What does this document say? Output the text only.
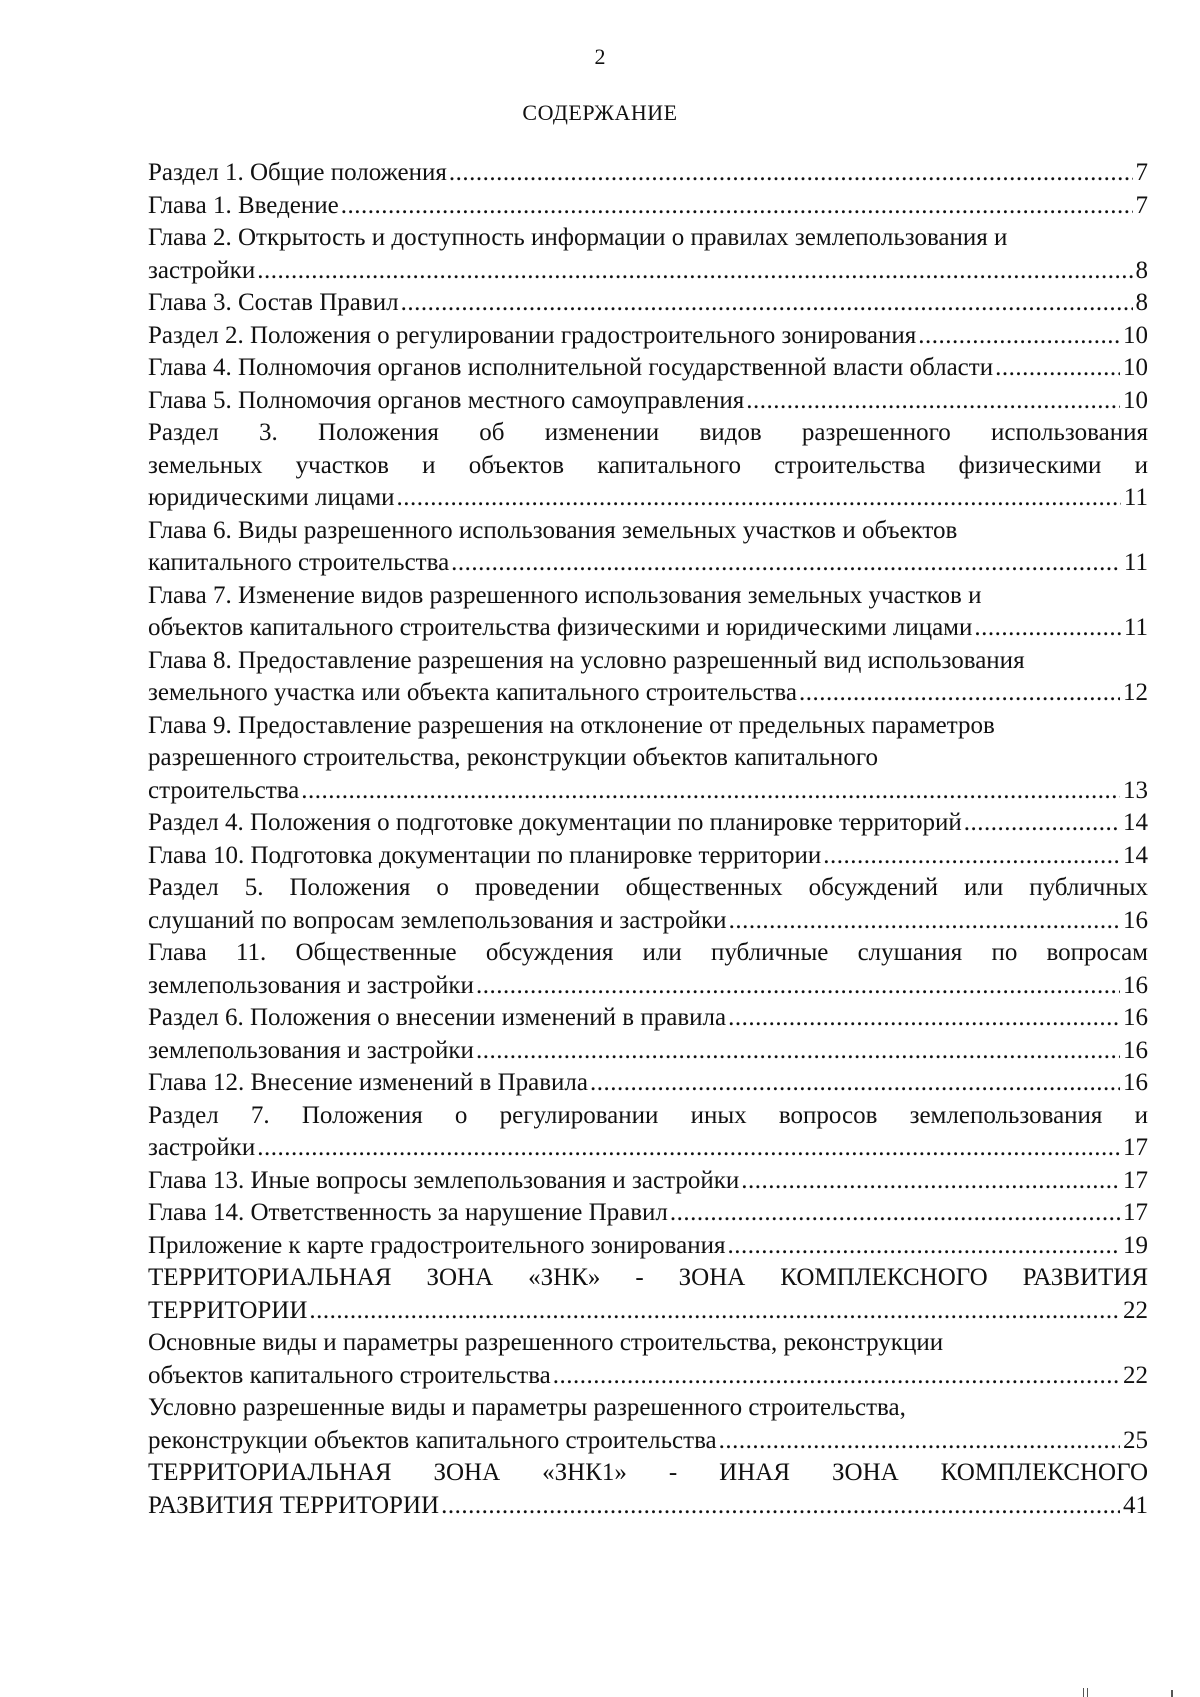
2
СОДЕРЖАНИЕ
Раздел 1. Общие положения .....	7
Глава 1. Введение .....	7
Глава 2. Открытость и доступность информации о правилах землепользования и
застройки .....	8
Глава 3. Состав Правил .....	8
Раздел 2. Положения о регулировании градостроительного зонирования .....	10
Глава 4. Полномочия органов исполнительной государственной власти области .....	10
Глава 5. Полномочия органов местного самоуправления .....	10
Раздел 3. Положения об изменении видов разрешенного использования
земельных участков и объектов капитального строительства физическими и
юридическими лицами .....	11
Глава 6. Виды разрешенного использования земельных участков и объектов
капитального строительства .....	11
Глава 7. Изменение видов разрешенного использования земельных участков и
объектов капитального строительства физическими и юридическими лицами .....	11
Глава 8. Предоставление разрешения на условно разрешенный вид использования
земельного участка или объекта капитального строительства .....	12
Глава 9. Предоставление разрешения на отклонение от предельных параметров
разрешенного строительства, реконструкции объектов капитального
строительства .....	13
Раздел 4. Положения о подготовке документации по планировке территорий .....	14
Глава 10. Подготовка документации по планировке территории .....	14
Раздел 5. Положения о проведении общественных обсуждений или публичных
слушаний по вопросам землепользования и застройки .....	16
Глава 11. Общественные обсуждения или публичные слушания по вопросам
землепользования и застройки .....	16
Раздел 6. Положения о внесении изменений в правила .....	16
землепользования и застройки .....	16
Глава 12. Внесение изменений в Правила .....	16
Раздел 7. Положения о регулировании иных вопросов землепользования и
застройки .....	17
Глава 13. Иные вопросы землепользования и застройки .....	17
Глава 14. Ответственность за нарушение Правил .....	17
Приложение к карте градостроительного зонирования .....	19
ТЕРРИТОРИАЛЬНАЯ ЗОНА «ЗНК» - ЗОНА КОМПЛЕКСНОГО РАЗВИТИЯ
ТЕРРИТОРИИ .....	22
Основные виды и параметры разрешенного строительства, реконструкции
объектов капитального строительства .....	22
Условно разрешенные виды и параметры разрешенного строительства,
реконструкции объектов капитального строительства .....	25
ТЕРРИТОРИАЛЬНАЯ ЗОНА «ЗНК1» - ИНАЯ ЗОНА КОМПЛЕКСНОГО
РАЗВИТИЯ ТЕРРИТОРИИ .....	41
